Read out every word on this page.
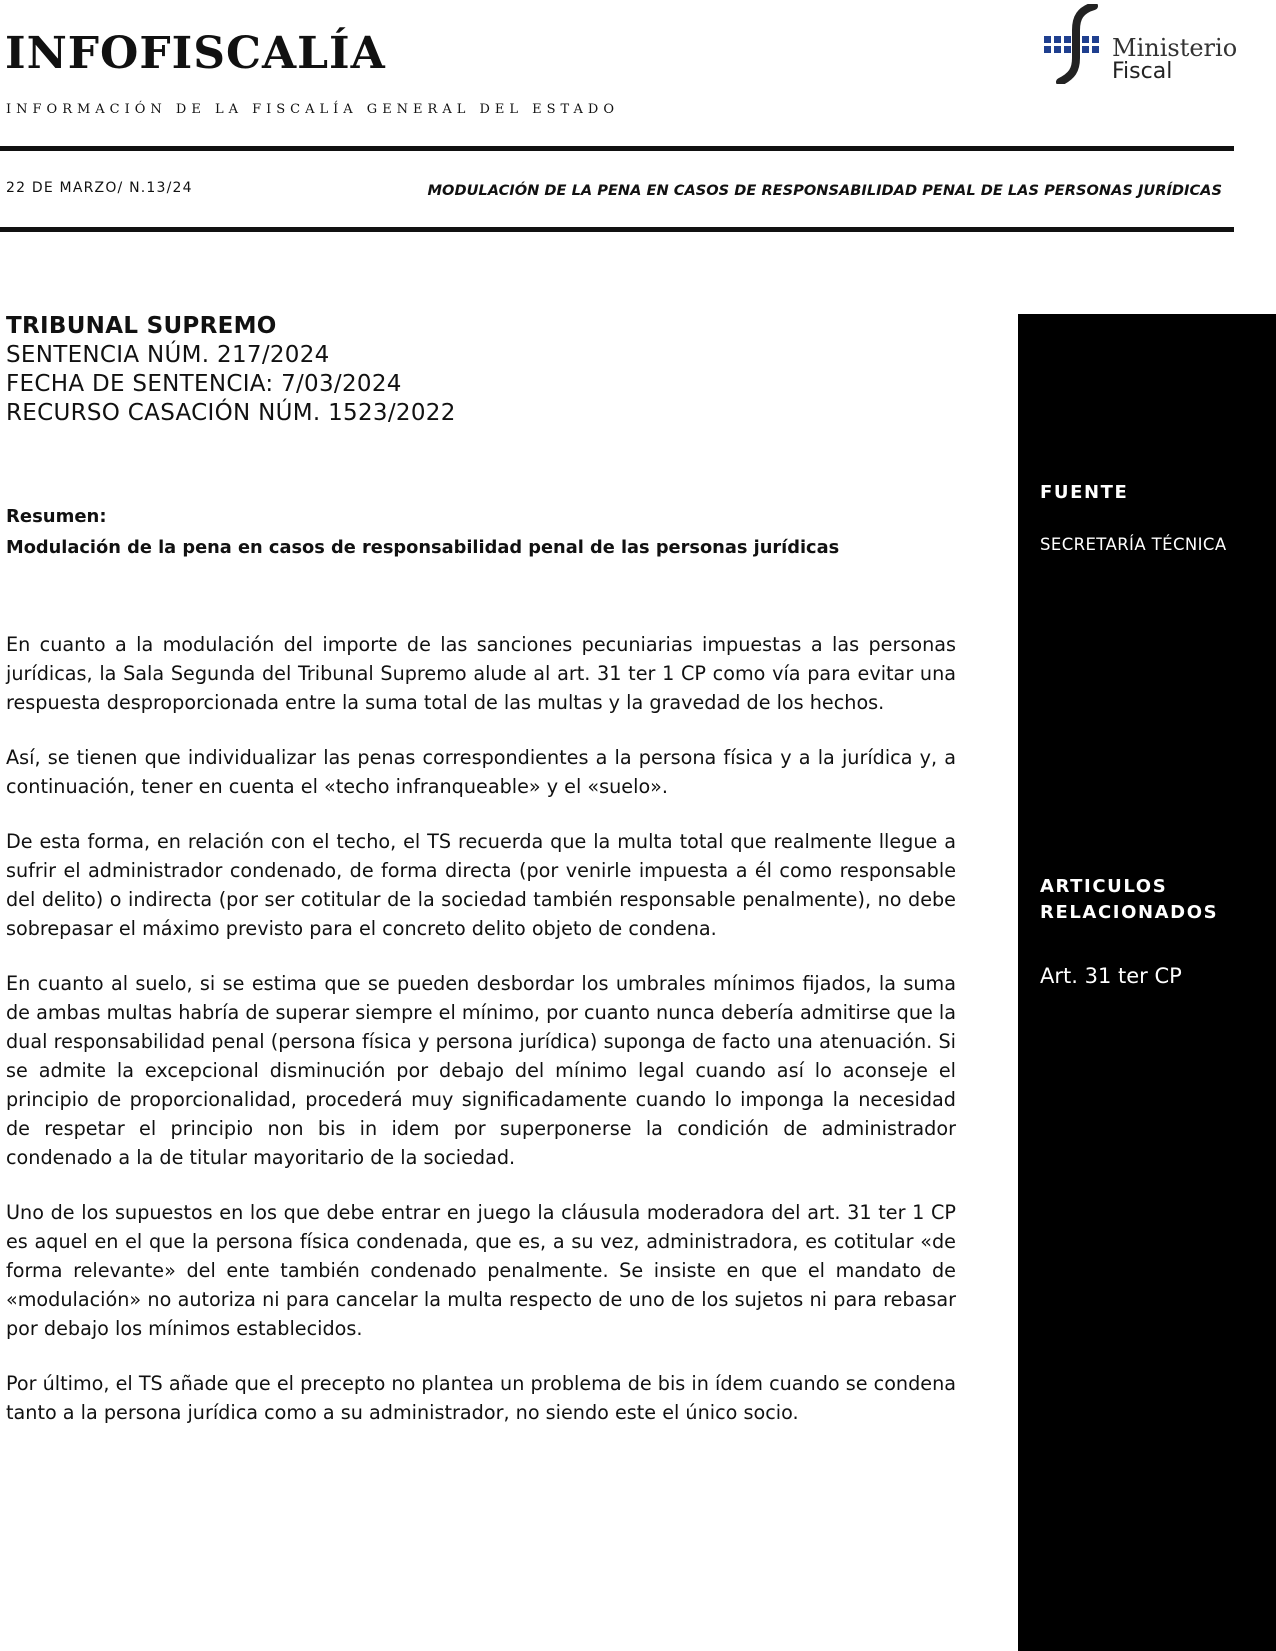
INFOFISCALÍA
INFORMACIÓN DE LA FISCALÍA GENERAL DEL ESTADO
Ministerio
Fiscal
22 DE MARZO/ N.13/24	MODULACIÓN DE LA PENA EN CASOS DE RESPONSABILIDAD PENAL DE LAS PERSONAS JURÍDICAS
TRIBUNAL SUPREMO
SENTENCIA NÚM. 217/2024
FECHA DE SENTENCIA: 7/03/2024
RECURSO CASACIÓN NÚM. 1523/2022
Resumen:
Modulación de la pena en casos de responsabilidad penal de las personas jurídicas

En cuanto a la modulación del importe de las sanciones pecuniarias impuestas a las personas jurídicas, la Sala Segunda del Tribunal Supremo alude al art. 31 ter 1 CP como vía para evitar una respuesta desproporcionada entre la suma total de las multas y la gravedad de los hechos.

Así, se tienen que individualizar las penas correspondientes a la persona física y a la jurídica y, a continuación, tener en cuenta el «techo infranqueable» y el «suelo».

De esta forma, en relación con el techo, el TS recuerda que la multa total que realmente llegue a sufrir el administrador condenado, de forma directa (por venirle impuesta a él como responsable del delito) o indirecta (por ser cotitular de la sociedad también responsable penalmente), no debe sobrepasar el máximo previsto para el concreto delito objeto de condena.

En cuanto al suelo, si se estima que se pueden desbordar los umbrales mínimos fijados, la suma de ambas multas habría de superar siempre el mínimo, por cuanto nunca debería admitirse que la dual responsabilidad penal (persona física y persona jurídica) suponga de facto una atenuación. Si se admite la excepcional disminución por debajo del mínimo legal cuando así lo aconseje el principio de proporcionalidad, procederá muy significadamente cuando lo imponga la necesidad de respetar el principio non bis in idem por superponerse la condición de administrador condenado a la de titular mayoritario de la sociedad.

Uno de los supuestos en los que debe entrar en juego la cláusula moderadora del art. 31 ter 1 CP es aquel en el que la persona física condenada, que es, a su vez, administradora, es cotitular «de forma relevante» del ente también condenado penalmente. Se insiste en que el mandato de «modulación» no autoriza ni para cancelar la multa respecto de uno de los sujetos ni para rebasar por debajo los mínimos establecidos.

Por último, el TS añade que el precepto no plantea un problema de bis in ídem cuando se condena tanto a la persona jurídica como a su administrador, no siendo este el único socio.

FUENTE
SECRETARÍA TÉCNICA
ARTICULOS
RELACIONADOS
Art. 31 ter CP
